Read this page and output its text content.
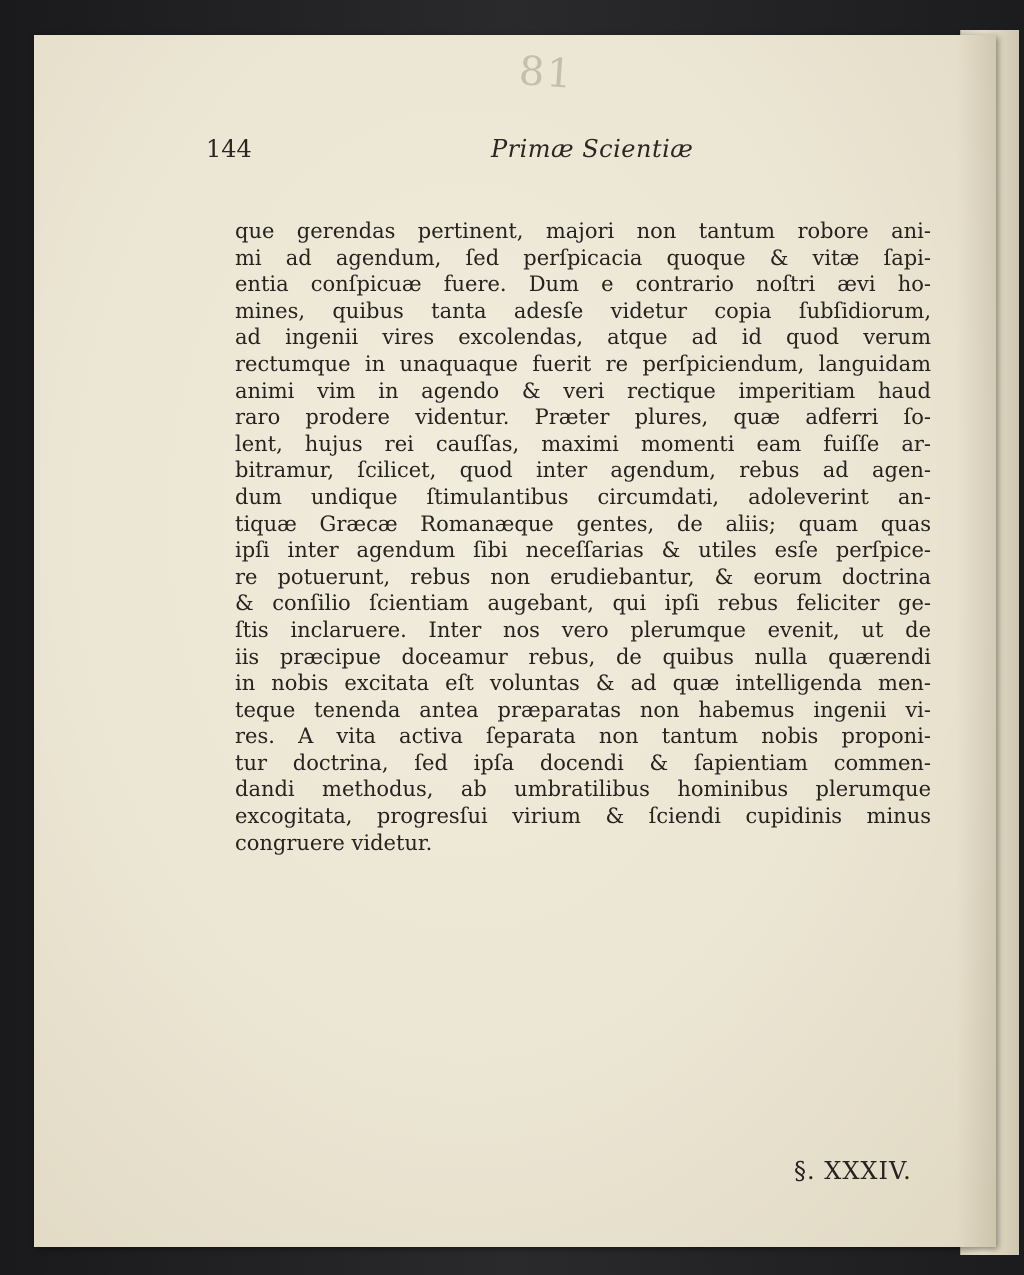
81
144	Primæ Scientiæ
que gerendas pertinent, majori non tantum robore ani-
mi ad agendum, ſed perſpicacia quoque & vitæ ſapi-
entia conſpicuæ fuere. Dum e contrario noſtri ævi ho-
mines, quibus tanta adesſe videtur copia ſubſidiorum,
ad ingenii vires excolendas, atque ad id quod verum
rectumque in unaquaque fuerit re perſpiciendum, languidam
animi vim in agendo & veri rectique imperitiam haud
raro prodere videntur. Præter plures, quæ adferri ſo-
lent, hujus rei cauſſas, maximi momenti eam fuiſſe ar-
bitramur, ſcilicet, quod inter agendum, rebus ad agen-
dum undique ſtimulantibus circumdati, adoleverint an-
tiquæ Græcæ Romanæque gentes, de aliis; quam quas
ipſi inter agendum ſibi neceſſarias & utiles esſe perſpice-
re potuerunt, rebus non erudiebantur, & eorum doctrina
& conſilio ſcientiam augebant, qui ipſi rebus feliciter ge-
ſtis inclaruere. Inter nos vero plerumque evenit, ut de
iis præcipue doceamur rebus, de quibus nulla quærendi
in nobis excitata eſt voluntas & ad quæ intelligenda men-
teque tenenda antea præparatas non habemus ingenii vi-
res. A vita activa ſeparata non tantum nobis proponi-
tur doctrina, ſed ipſa docendi & ſapientiam commen-
dandi methodus, ab umbratilibus hominibus plerumque
excogitata, progresſui virium & ſciendi cupidinis minus
congruere videtur.
§. XXXIV.
